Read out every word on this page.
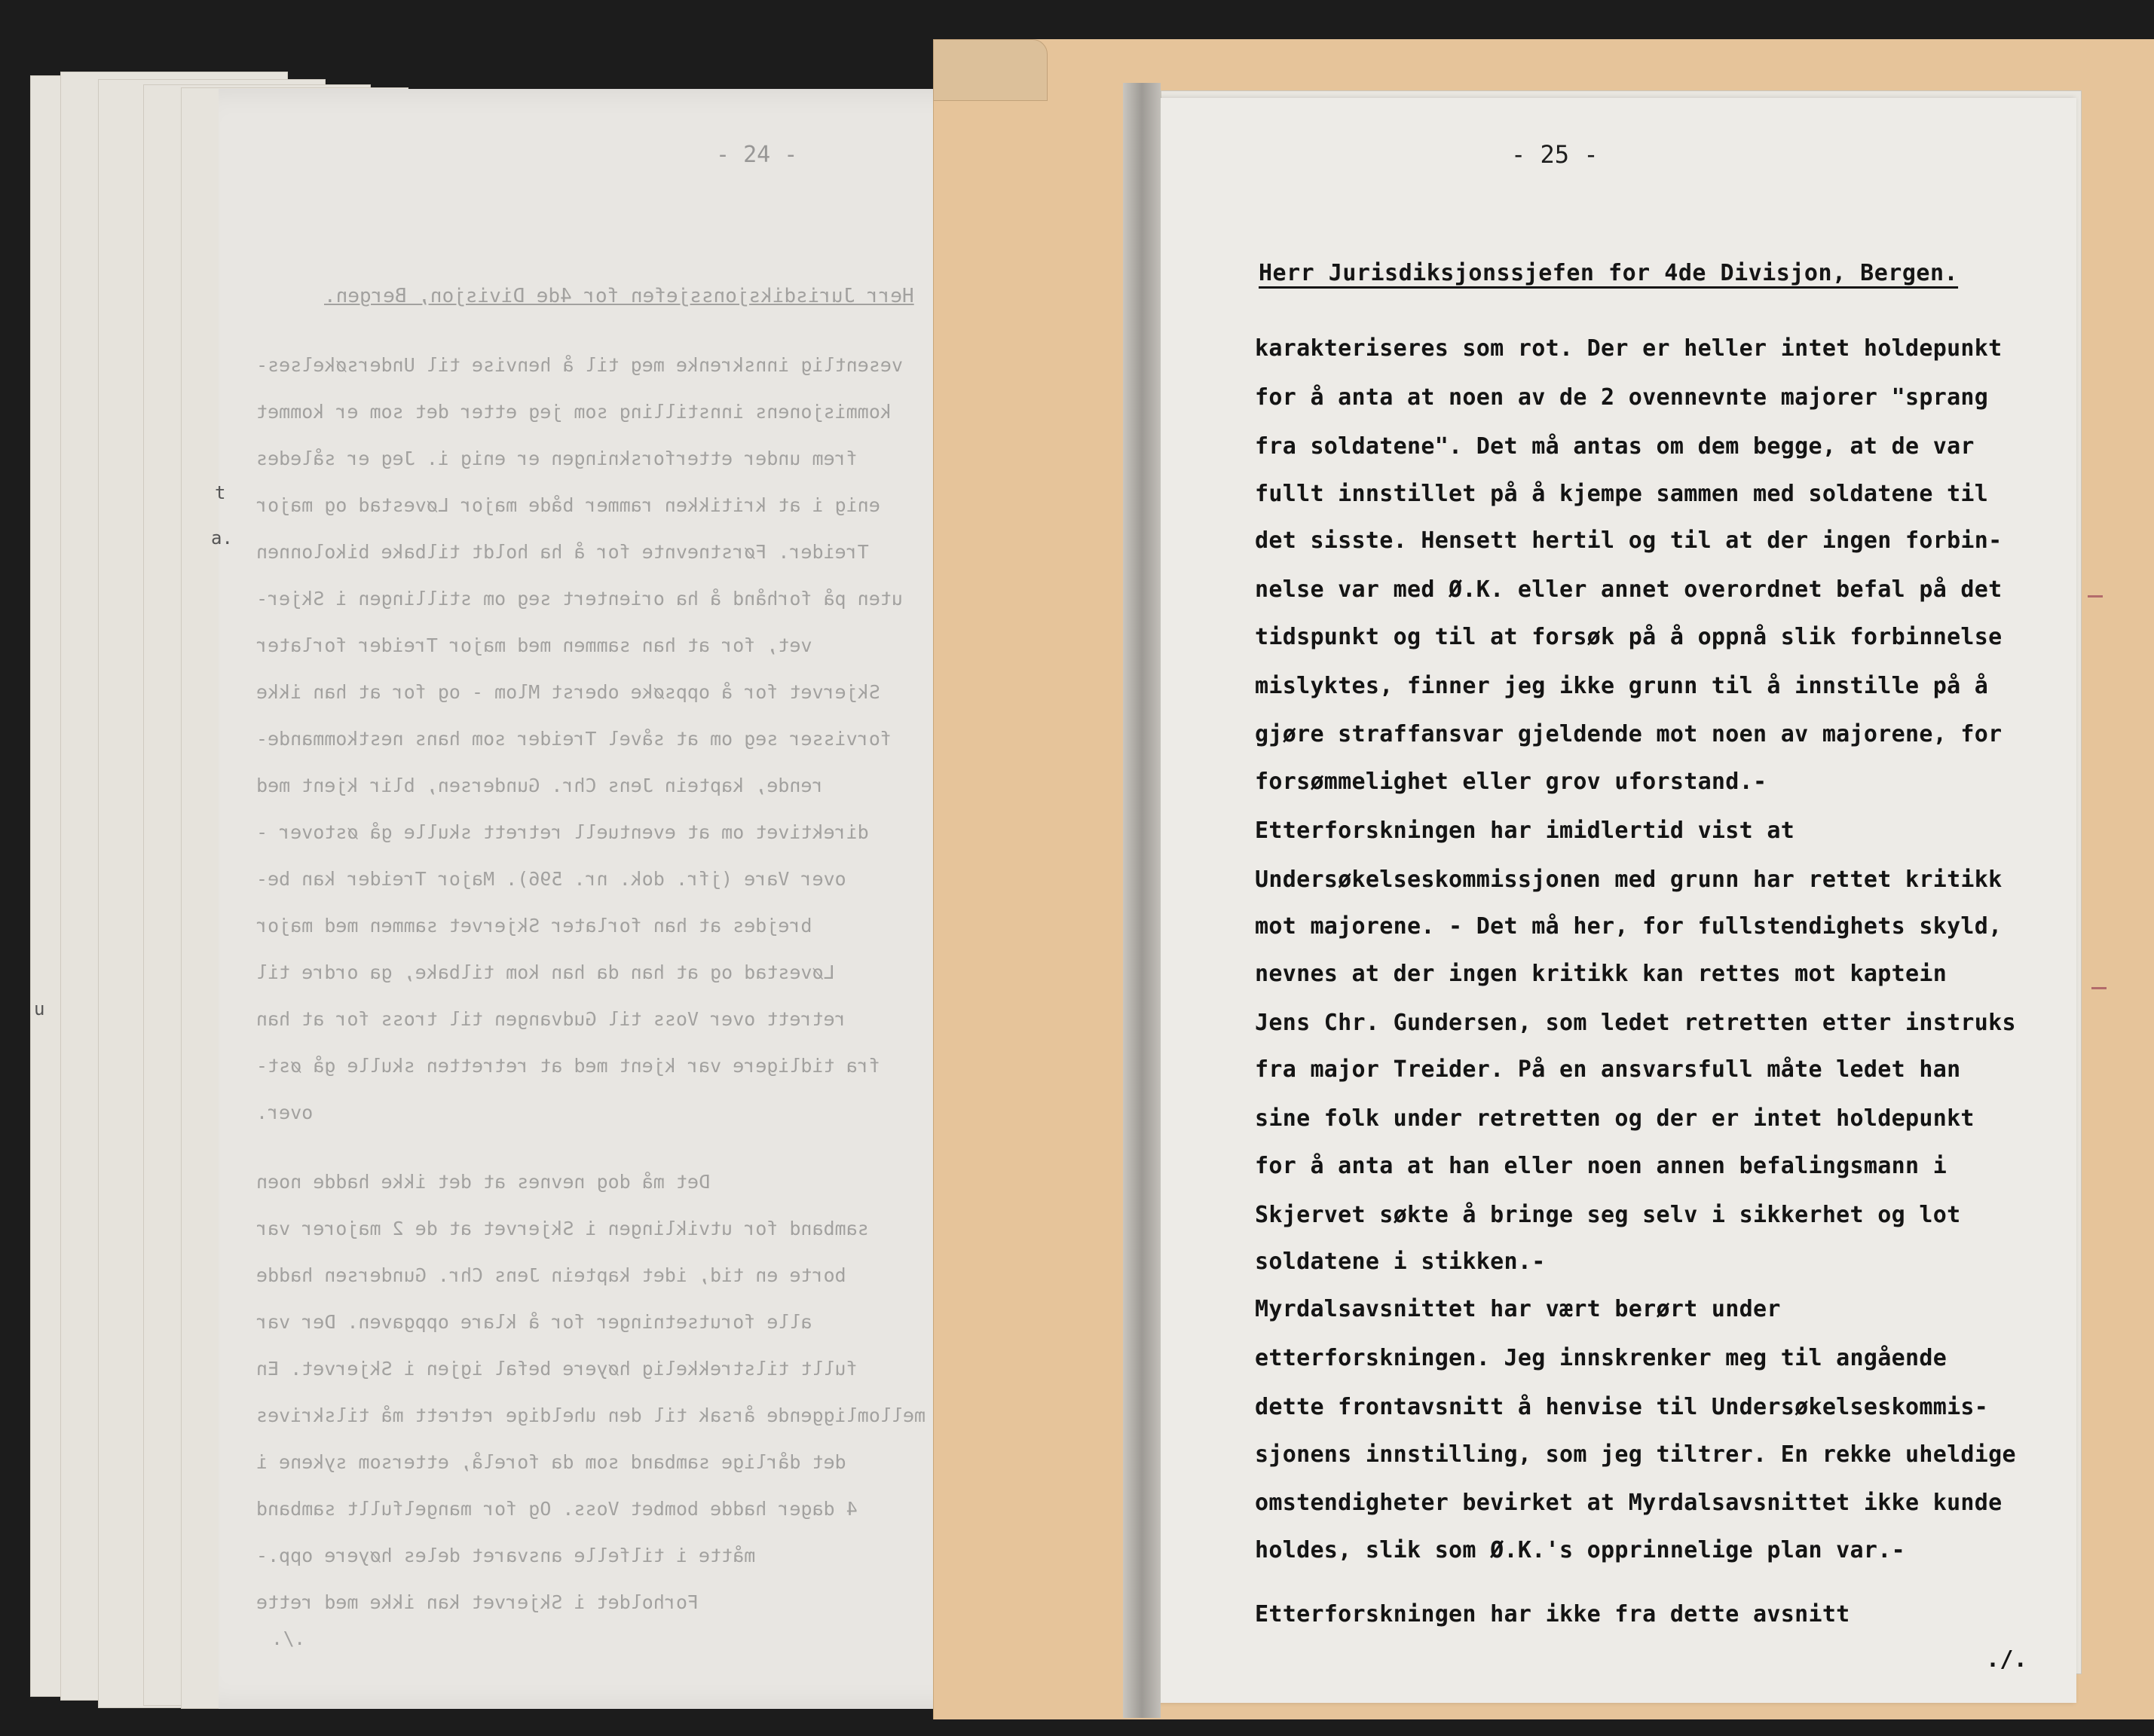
- 24 -
Herr Jurisdiksjonssjefen for 4de Divisjon, Bergen.
vesentlig innskrenke meg til å henvise til Undersøkelses-
kommisjonens innstilling som jeg etter det som er kommet
frem under etterforskningen er enig i. Jeg er således
enig i at kritikken rammer både major Løvestad og major
Treider. Førstnevnte for å ha holdt tilbake bikolonnen
uten på forhånd å ha orientert seg om stillingen i Skjer-
vet, for at han sammen med major Treider forlater
Skjervet for å oppsøke oberst Mlom - og for at han ikke
forvisser seg om at såvel Treider som hans nestkommande-
rende, kaptein Jens Chr. Gundersen, blir kjent med
direktivet om at eventuell retrett skulle gå østover -
over Vare (jfr. dok. nr. 596). Major Treider kan be-
brejdes at han forlater Skjervet sammen med major
Løvestad og at han da han kom tilbake, ga ordre til
retrett over Voss til Gudvangen til tross for at han
fra tidligere var kjent med at retretten skulle gå øst-
over.
Det må dog nevnes at det ikke hadde noen
samband for utviklingen i Skjervet at de 2 majorer var
borte en tid, idet kaptein Jens Chr. Gundersen hadde
alle forutsetninger for å klare oppgaven. Der var
fullt tilstrekkelig høyere befal igjen i Skjervet. En
mellomliggende årsak til den uheldige retrett må tilskrives
det dårlige samband som da forelå, ettersom sykene i
4 dager hadde bombet Voss. Og for mangelfullt samband
måtte i tilfelle ansvaret deles høyere opp.-
Forholdet i Skjervet kan ikke med rette
./.
t
a.
u
- 25 -
Herr Jurisdiksjonssjefen for 4de Divisjon, Bergen.
karakteriseres som rot. Der er heller intet holdepunkt
for å anta at noen av de 2 ovennevnte majorer "sprang
fra soldatene". Det må antas om dem begge, at de var
fullt innstillet på å kjempe sammen med soldatene til
det sisste. Hensett hertil og til at der ingen forbin-
nelse var med Ø.K. eller annet overordnet befal på det
tidspunkt og til at forsøk på å oppnå slik forbinnelse
mislyktes, finner jeg ikke grunn til å innstille på å
gjøre straffansvar gjeldende mot noen av majorene, for
forsømmelighet eller grov uforstand.-
Etterforskningen har imidlertid vist at
Undersøkelseskommissjonen med grunn har rettet kritikk
mot majorene. - Det må her, for fullstendighets skyld,
nevnes at der ingen kritikk kan rettes mot kaptein
Jens Chr. Gundersen, som ledet retretten etter instruks
fra major Treider. På en ansvarsfull måte ledet han
sine folk under retretten og der er intet holdepunkt
for å anta at han eller noen annen befalingsmann i
Skjervet søkte å bringe seg selv i sikkerhet og lot
soldatene i stikken.-
Myrdalsavsnittet har vært berørt under
etterforskningen. Jeg innskrenker meg til angående
dette frontavsnitt å henvise til Undersøkelseskommis-
sjonens innstilling, som jeg tiltrer. En rekke uheldige
omstendigheter bevirket at Myrdalsavsnittet ikke kunde
holdes, slik som Ø.K.'s opprinnelige plan var.-
Etterforskningen har ikke fra dette avsnitt
./.
